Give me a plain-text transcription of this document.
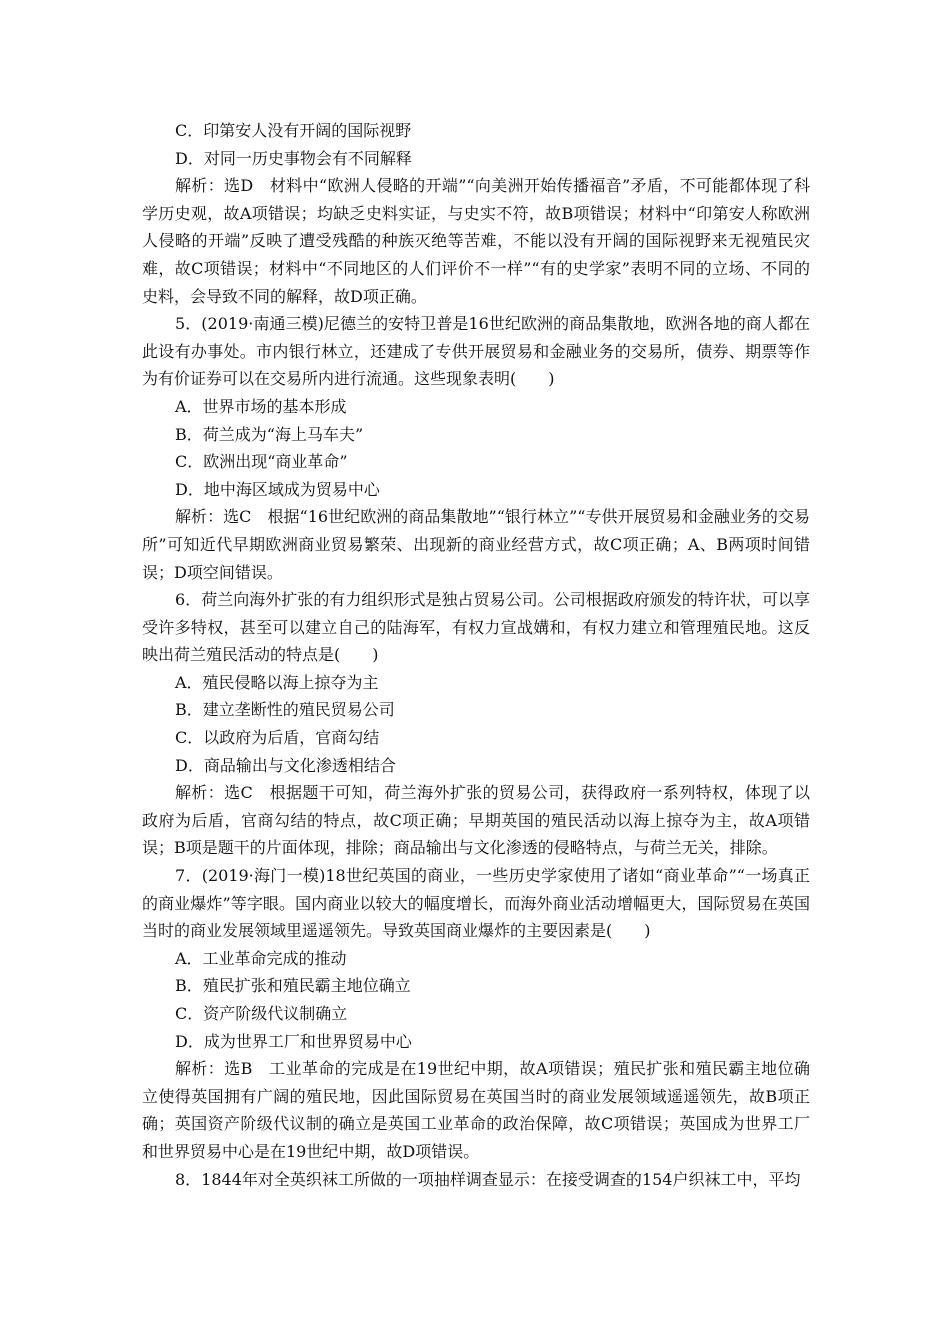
C．印第安人没有开阔的国际视野
D．对同一历史事物会有不同解释
解析：选D　材料中“欧洲人侵略的开端”“向美洲开始传播福音”矛盾，不可能都体现了科学历史观，故A项错误；均缺乏史料实证，与史实不符，故B项错误；材料中“印第安人称欧洲人侵略的开端”反映了遭受残酷的种族灭绝等苦难，不能以没有开阔的国际视野来无视殖民灾难，故C项错误；材料中“不同地区的人们评价不一样”“有的史学家”表明不同的立场、不同的史料，会导致不同的解释，故D项正确。
5．(2019·南通三模)尼德兰的安特卫普是16世纪欧洲的商品集散地，欧洲各地的商人都在此设有办事处。市内银行林立，还建成了专供开展贸易和金融业务的交易所，债券、期票等作为有价证券可以在交易所内进行流通。这些现象表明(　　)
A．世界市场的基本形成
B．荷兰成为“海上马车夫”
C．欧洲出现“商业革命”
D．地中海区域成为贸易中心
解析：选C　根据“16世纪欧洲的商品集散地”“银行林立”“专供开展贸易和金融业务的交易所”可知近代早期欧洲商业贸易繁荣、出现新的商业经营方式，故C项正确；A、B两项时间错误；D项空间错误。
6．荷兰向海外扩张的有力组织形式是独占贸易公司。公司根据政府颁发的特许状，可以享受许多特权，甚至可以建立自己的陆海军，有权力宣战媾和，有权力建立和管理殖民地。这反映出荷兰殖民活动的特点是(　　)
A．殖民侵略以海上掠夺为主
B．建立垄断性的殖民贸易公司
C．以政府为后盾，官商勾结
D．商品输出与文化渗透相结合
解析：选C　根据题干可知，荷兰海外扩张的贸易公司，获得政府一系列特权，体现了以政府为后盾，官商勾结的特点，故C项正确；早期英国的殖民活动以海上掠夺为主，故A项错误；B项是题干的片面体现，排除；商品输出与文化渗透的侵略特点，与荷兰无关，排除。
7．(2019·海门一模)18世纪英国的商业，一些历史学家使用了诸如“商业革命”“一场真正的商业爆炸”等字眼。国内商业以较大的幅度增长，而海外商业活动增幅更大，国际贸易在英国当时的商业发展领域里遥遥领先。导致英国商业爆炸的主要因素是(　　)
A．工业革命完成的推动
B．殖民扩张和殖民霸主地位确立
C．资产阶级代议制确立
D．成为世界工厂和世界贸易中心
解析：选B　工业革命的完成是在19世纪中期，故A项错误；殖民扩张和殖民霸主地位确立使得英国拥有广阔的殖民地，因此国际贸易在英国当时的商业发展领域遥遥领先，故B项正确；英国资产阶级代议制的确立是英国工业革命的政治保障，故C项错误；英国成为世界工厂和世界贸易中心是在19世纪中期，故D项错误。
8．1844年对全英织袜工所做的一项抽样调查显示：在接受调查的154户织袜工中，平均
